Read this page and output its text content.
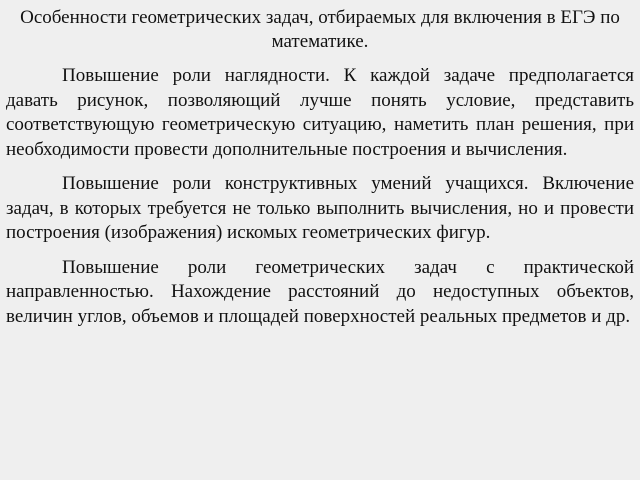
Особенности геометрических задач, отбираемых для включения в ЕГЭ по математике.

Повышение роли наглядности. К каждой задаче предполагается давать рисунок, позволяющий лучше понять условие, представить соответствующую геометрическую ситуацию, наметить план решения, при необходимости провести дополнительные построения и вычисления.

Повышение роли конструктивных умений учащихся. Включение задач, в которых требуется не только выполнить вычисления, но и провести построения (изображения) искомых геометрических фигур.

Повышение роли геометрических задач с практической направленностью. Нахождение расстояний до недоступных объектов, величин углов, объемов и площадей поверхностей реальных предметов и др.
